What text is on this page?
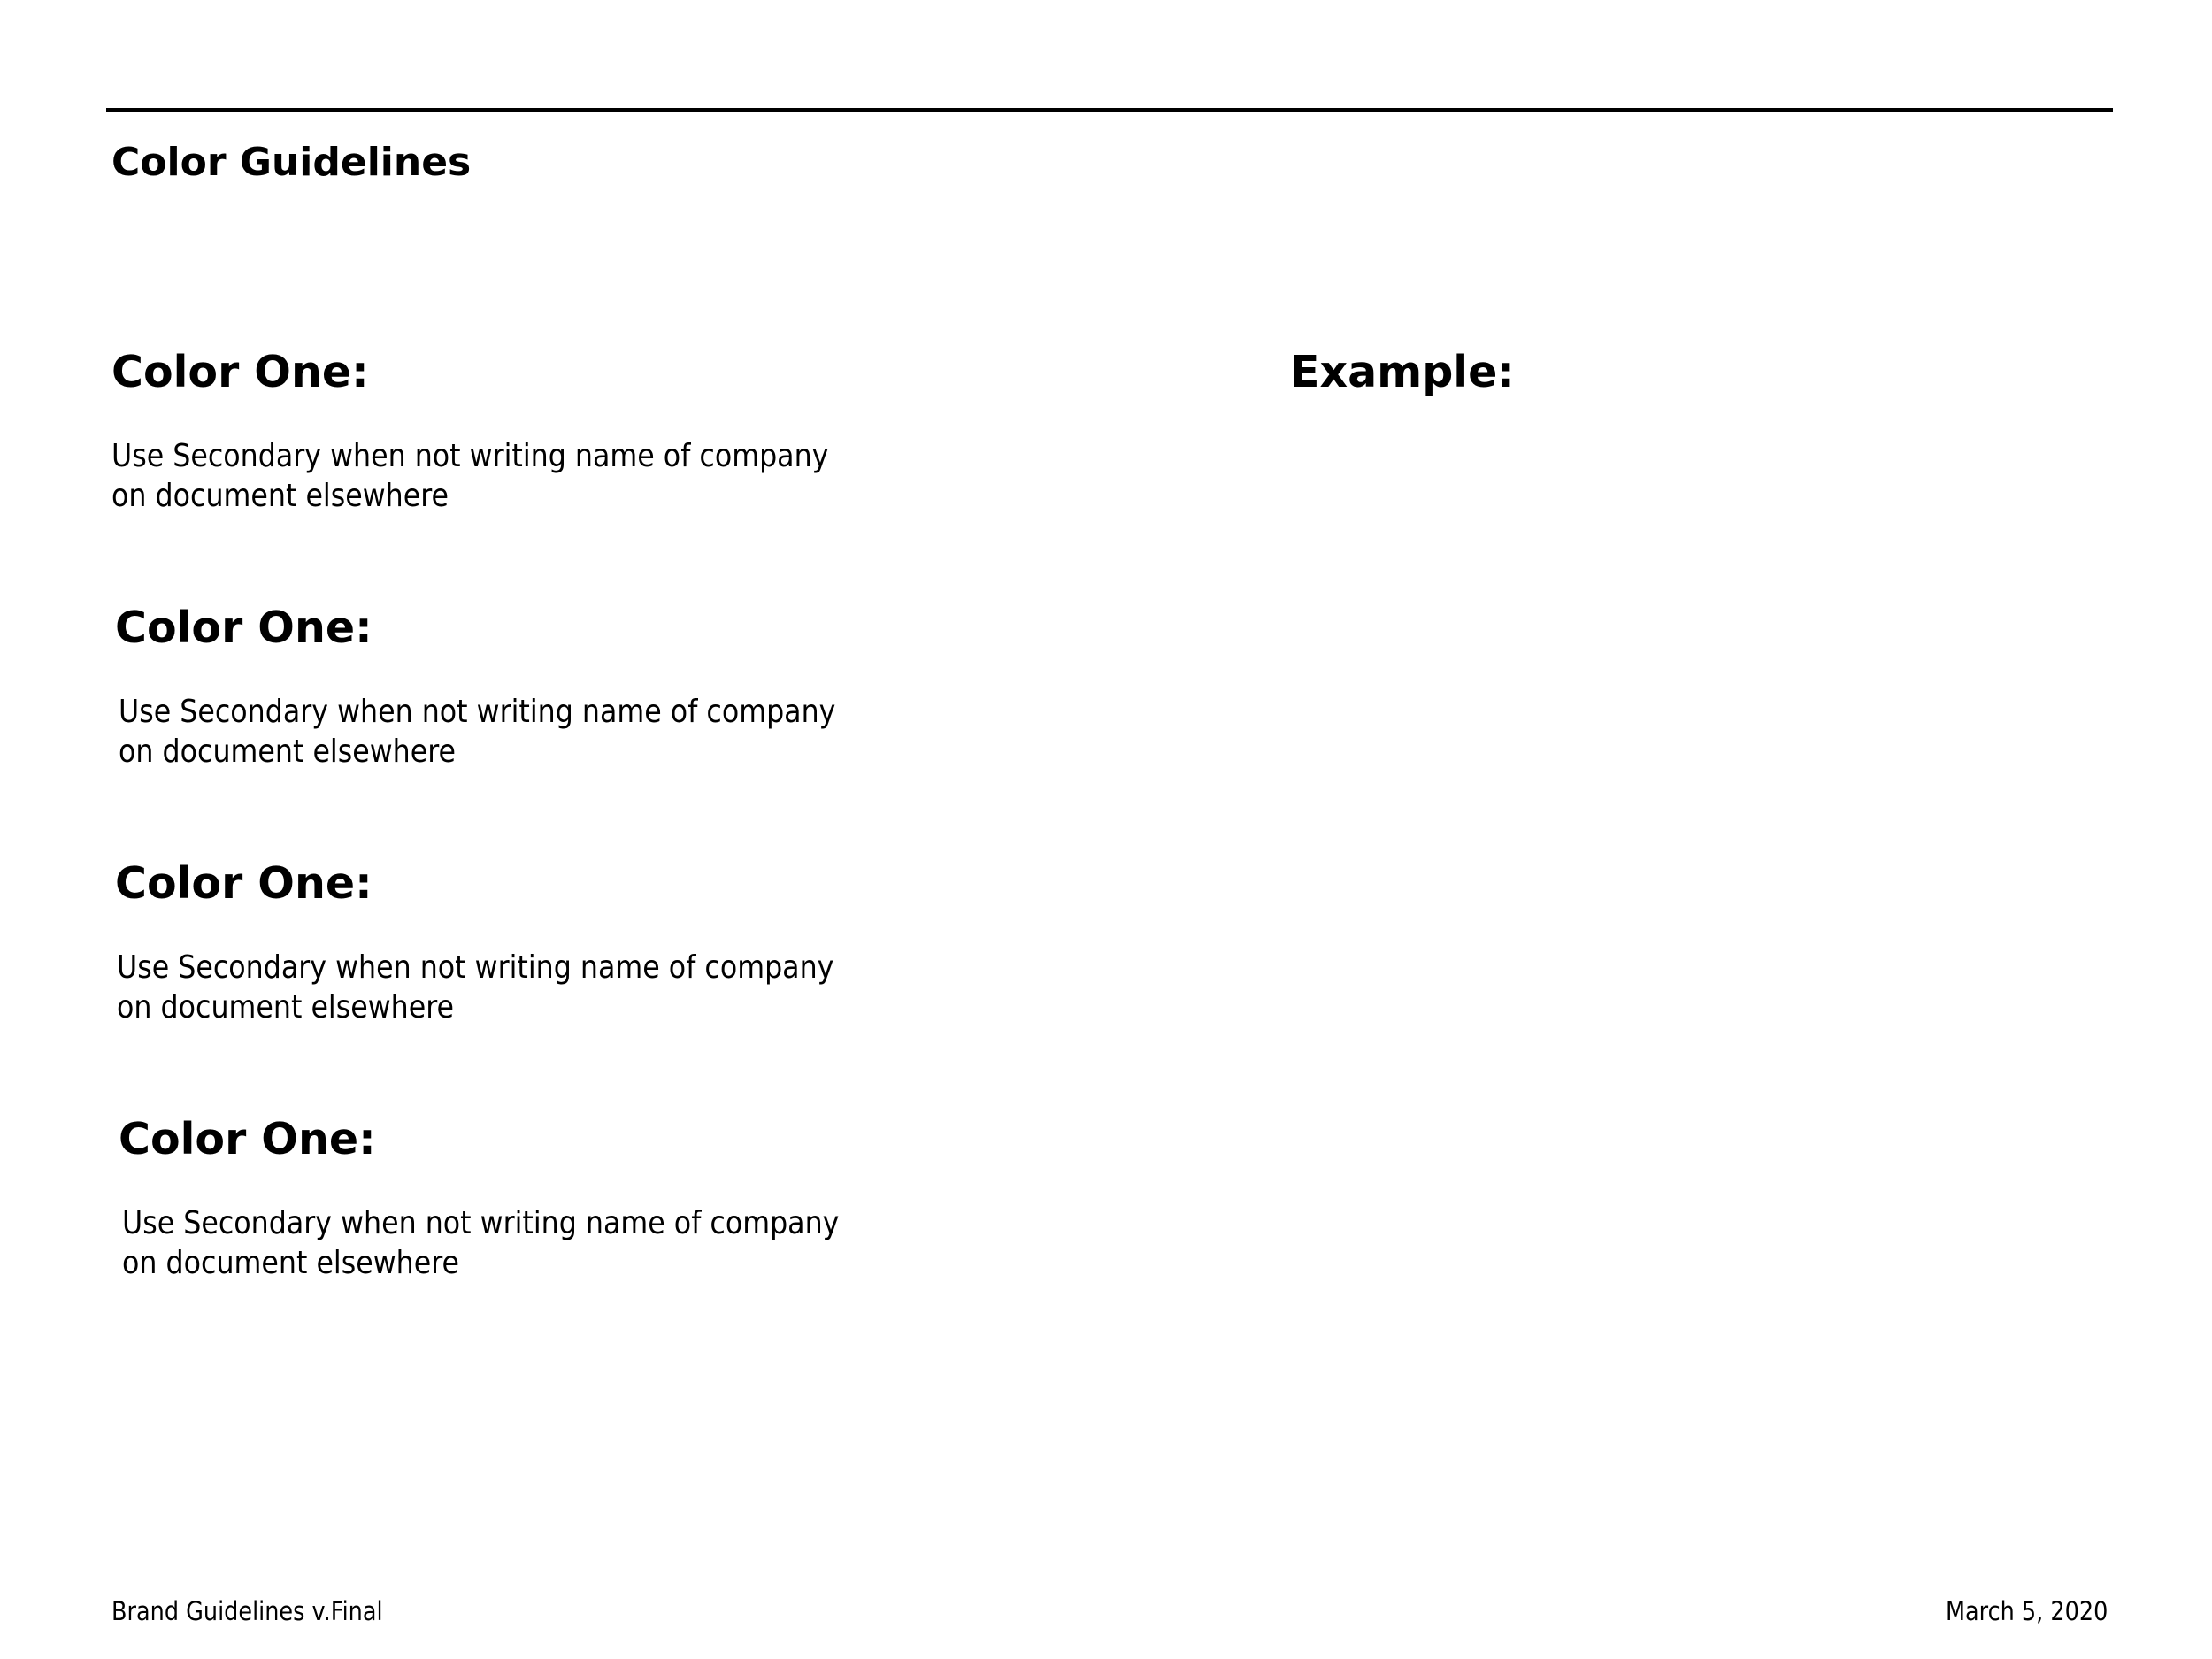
Color Guidelines
Color One:

Use Secondary when not writing name of company on document elsewhere

Color One:

Use Secondary when not writing name of company on document elsewhere

Color One:

Use Secondary when not writing name of company on document elsewhere

Color One:

Use Secondary when not writing name of company on document elsewhere

Example:
Brand Guidelines v.Final	March 5, 2020
